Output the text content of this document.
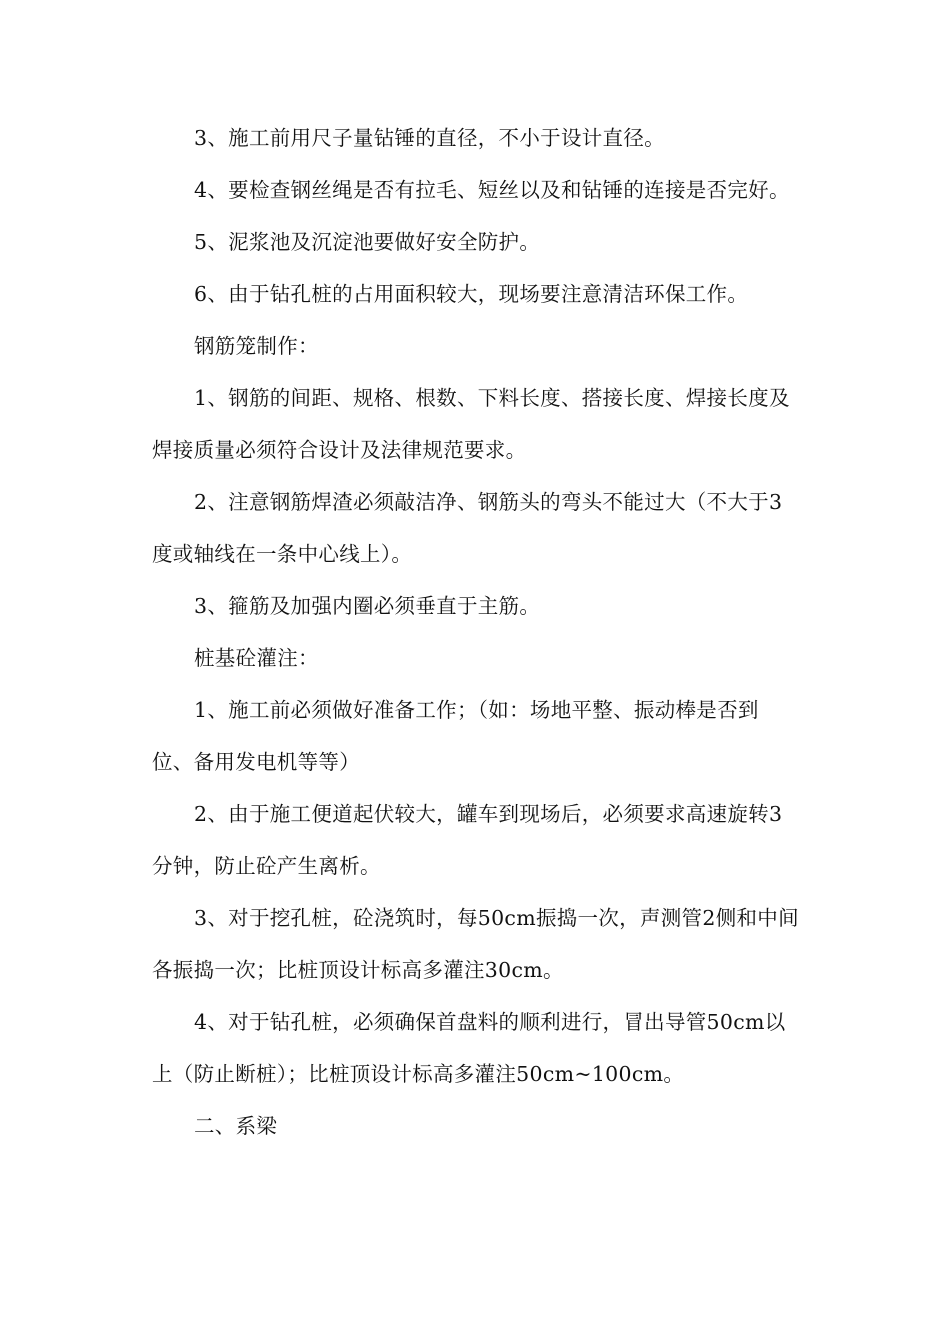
3、施工前用尺子量钻锤的直径，不小于设计直径。

4、要检查钢丝绳是否有拉毛、短丝以及和钻锤的连接是否完好。

5、泥浆池及沉淀池要做好安全防护。

6、由于钻孔桩的占用面积较大，现场要注意清洁环保工作。

钢筋笼制作：

1、钢筋的间距、规格、根数、下料长度、搭接长度、焊接长度及焊接质量必须符合设计及法律规范要求。

2、注意钢筋焊渣必须敲洁净、钢筋头的弯头不能过大（不大于3度或轴线在一条中心线上）。

3、箍筋及加强内圈必须垂直于主筋。

桩基砼灌注：

1、施工前必须做好准备工作；（如：场地平整、振动棒是否到位、备用发电机等等）

2、由于施工便道起伏较大，罐车到现场后，必须要求高速旋转3分钟，防止砼产生离析。

3、对于挖孔桩，砼浇筑时，每50cm振捣一次，声测管2侧和中间各振捣一次；比桩顶设计标高多灌注30cm。

4、对于钻孔桩，必须确保首盘料的顺利进行，冒出导管50cm以上（防止断桩）；比桩顶设计标高多灌注50cm~100cm。

二、系梁
